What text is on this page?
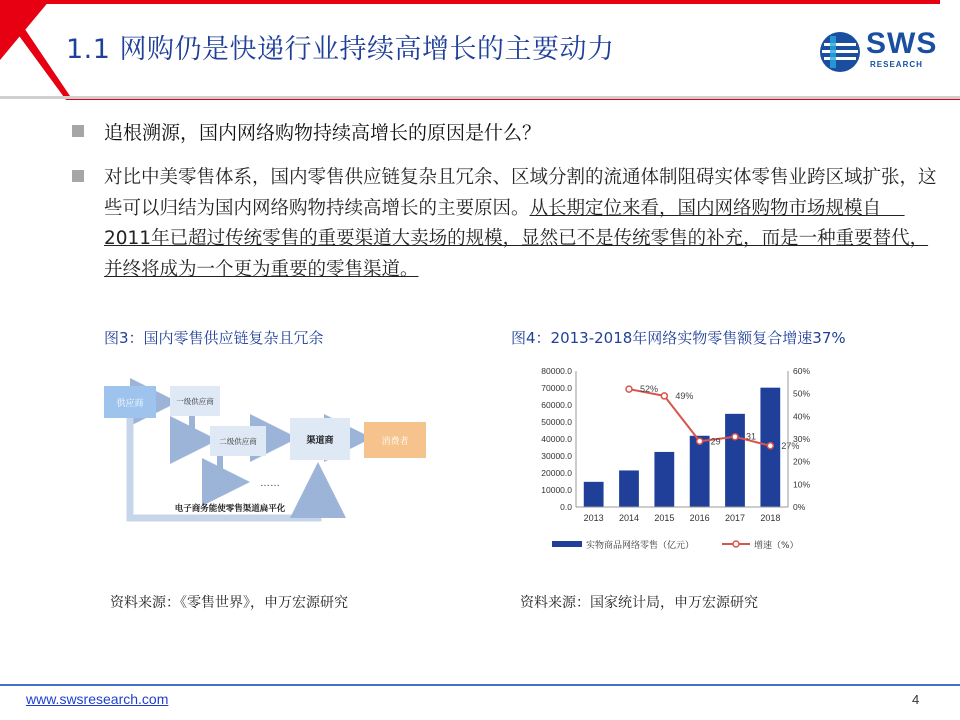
1.1 网购仍是快递行业持续高增长的主要动力	SWS
RESEARCH
追根溯源，国内网络购物持续高增长的原因是什么？
对比中美零售体系，国内零售供应链复杂且冗余、区域分割的流通体制阻碍实体零售业跨区域扩张，这些可以归结为国内网络购物持续高增长的主要原因。从长期定位来看，国内网络购物市场规模自    2011年已超过传统零售的重要渠道大卖场的规模，显然已不是传统零售的补充，而是一种重要替代，并终将成为一个更为重要的零售渠道。
图3：国内零售供应链复杂且冗余
供应商	一级供应商
二级供应商	渠道商	消费者
……
电子商务能使零售渠道扁平化
资料来源：《零售世界》，申万宏源研究
图4：2013-2018年网络实物零售额复合增速37%
80000.0
70000.0
60000.0
50000.0
40000.0
30000.0
20000.0
10000.0
0.0
60%
50%
40%
30%
20%
10%
0%
52%
49%
29	31
27%
2013 2014 2015 2016 2017 2018
实物商品网络零售（亿元）	增速（%）
资料来源：国家统计局，申万宏源研究
www.swsresearch.com	4
